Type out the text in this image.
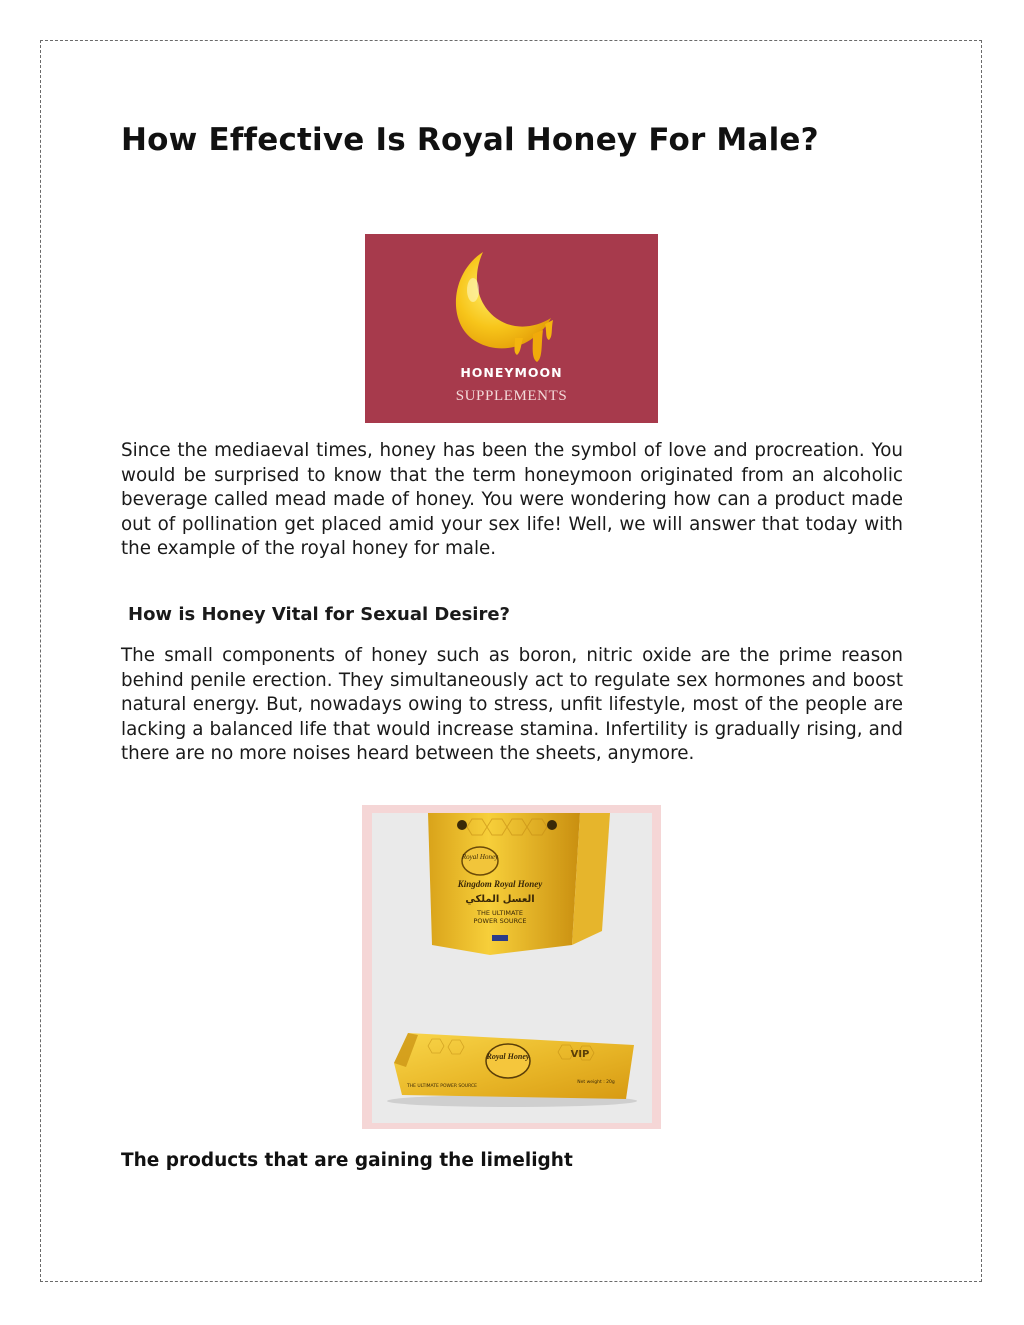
How Effective Is Royal Honey For Male?
HONEYMOON
SUPPLEMENTS

Since the mediaeval times, honey has been the symbol of love and procreation. You would be surprised to know that the term honeymoon originated from an alcoholic beverage called mead made of honey. You were wondering how can a product made out of pollination get placed amid your sex life! Well, we will answer that today with the example of the royal honey for male.

How is Honey Vital for Sexual Desire?

The small components of honey such as boron, nitric oxide are the prime reason behind penile erection. They simultaneously act to regulate sex hormones and boost natural energy. But, nowadays owing to stress, unfit lifestyle, most of the people are lacking a balanced life that would increase stamina. Infertility is gradually rising, and there are no more noises heard between the sheets, anymore.

Royal Honey
Kingdom Royal Honey
العسل الملكي
THE ULTIMATE
POWER SOURCE
Royal Honey	VIP
THE ULTIMATE POWER SOURCE
Net weight : 20g
The products that are gaining the limelight
